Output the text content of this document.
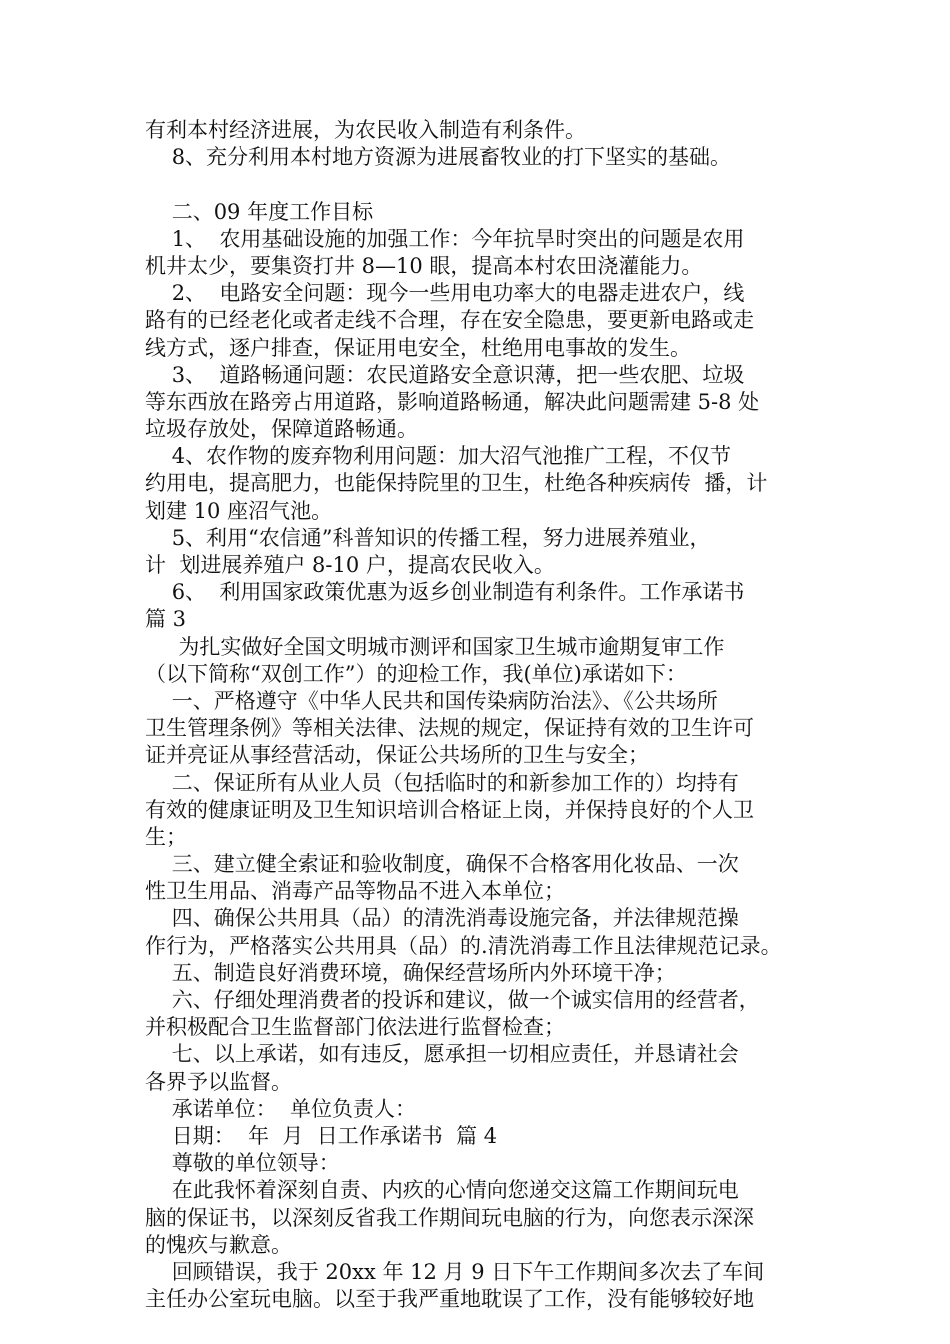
有利本村经济进展，为农民收入制造有利条件。
8、充分利用本村地方资源为进展畜牧业的打下坚实的基础。
二、09 年度工作目标
1、  农用基础设施的加强工作：今年抗旱时突出的问题是农用
机井太少，要集资打井 8—10 眼，提高本村农田浇灌能力。
2、  电路安全问题：现今一些用电功率大的电器走进农户，线
路有的已经老化或者走线不合理，存在安全隐患，要更新电路或走
线方式，逐户排查，保证用电安全，杜绝用电事故的发生。
3、  道路畅通问题：农民道路安全意识薄，把一些农肥、垃圾
等东西放在路旁占用道路，影响道路畅通，解决此问题需建 5-8 处
垃圾存放处，保障道路畅通。
4、农作物的废弃物利用问题：加大沼气池推广工程，不仅节
约用电，提高肥力，也能保持院里的卫生，杜绝各种疾病传  播，计
划建 10 座沼气池。
5、利用“农信通”科普知识的传播工程，努力进展养殖业，
计  划进展养殖户 8-10 户，提高农民收入。
6、  利用国家政策优惠为返乡创业制造有利条件。工作承诺书
篇 3
为扎实做好全国文明城市测评和国家卫生城市逾期复审工作
（以下简称“双创工作”）的迎检工作，我(单位)承诺如下：
一、严格遵守《中华人民共和国传染病防治法》、《公共场所
卫生管理条例》等相关法律、法规的规定，保证持有效的卫生许可
证并亮证从事经营活动，保证公共场所的卫生与安全；
二、保证所有从业人员（包括临时的和新参加工作的）均持有
有效的健康证明及卫生知识培训合格证上岗，并保持良好的个人卫
生；
三、建立健全索证和验收制度，确保不合格客用化妆品、一次
性卫生用品、消毒产品等物品不进入本单位；
四、确保公共用具（品）的清洗消毒设施完备，并法律规范操
作行为，严格落实公共用具（品）的.清洗消毒工作且法律规范记录。
五、制造良好消费环境，确保经营场所内外环境干净；
六、仔细处理消费者的投诉和建议，做一个诚实信用的经营者，
并积极配合卫生监督部门依法进行监督检查；
七、以上承诺，如有违反，愿承担一切相应责任，并恳请社会
各界予以监督。
承诺单位：  单位负责人：
日期：  年  月  日工作承诺书  篇 4
尊敬的单位领导：
在此我怀着深刻自责、内疚的心情向您递交这篇工作期间玩电
脑的保证书，以深刻反省我工作期间玩电脑的行为，向您表示深深
的愧疚与歉意。
回顾错误，我于 20xx 年 12 月 9 日下午工作期间多次去了车间
主任办公室玩电脑。以至于我严重地耽误了工作，没有能够较好地
